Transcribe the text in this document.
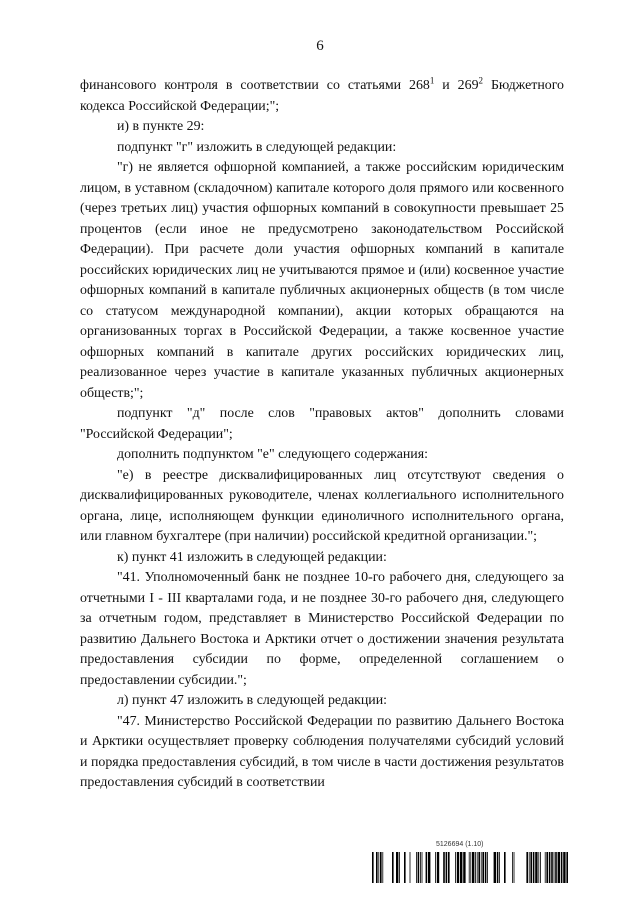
6

финансового контроля в соответствии со статьями $268^1$ и $269^2$ Бюджетного кодекса Российской Федерации;";

и) в пункте 29:

подпункт "г" изложить в следующей редакции:

"г) не является офшорной компанией, а также российским юридическим лицом, в уставном (складочном) капитале которого доля прямого или косвенного (через третьих лиц) участия офшорных компаний в совокупности превышает 25 процентов (если иное не предусмотрено законодательством Российской Федерации). При расчете доли участия офшорных компаний в капитале российских юридических лиц не учитываются прямое и (или) косвенное участие офшорных компаний в капитале публичных акционерных обществ (в том числе со статусом международной компании), акции которых обращаются на организованных торгах в Российской Федерации, а также косвенное участие офшорных компаний в капитале других российских юридических лиц, реализованное через участие в капитале указанных публичных акционерных обществ;";

подпункт "д" после слов "правовых актов" дополнить словами "Российской Федерации";

дополнить подпунктом "е" следующего содержания:

"е) в реестре дисквалифицированных лиц отсутствуют сведения о дисквалифицированных руководителе, членах коллегиального исполнительного органа, лице, исполняющем функции единоличного исполнительного органа, или главном бухгалтере (при наличии) российской кредитной организации.";

к) пункт 41 изложить в следующей редакции:

"41. Уполномоченный банк не позднее 10-го рабочего дня, следующего за отчетными I - III кварталами года, и не позднее 30-го рабочего дня, следующего за отчетным годом, представляет в Министерство Российской Федерации по развитию Дальнего Востока и Арктики отчет о достижении значения результата предоставления субсидии по форме, определенной соглашением о предоставлении субсидии.";

л) пункт 47 изложить в следующей редакции:

"47. Министерство Российской Федерации по развитию Дальнего Востока и Арктики осуществляет проверку соблюдения получателями субсидий условий и порядка предоставления субсидий, в том числе в части достижения результатов предоставления субсидий в соответствии

5126694 (1.10)
